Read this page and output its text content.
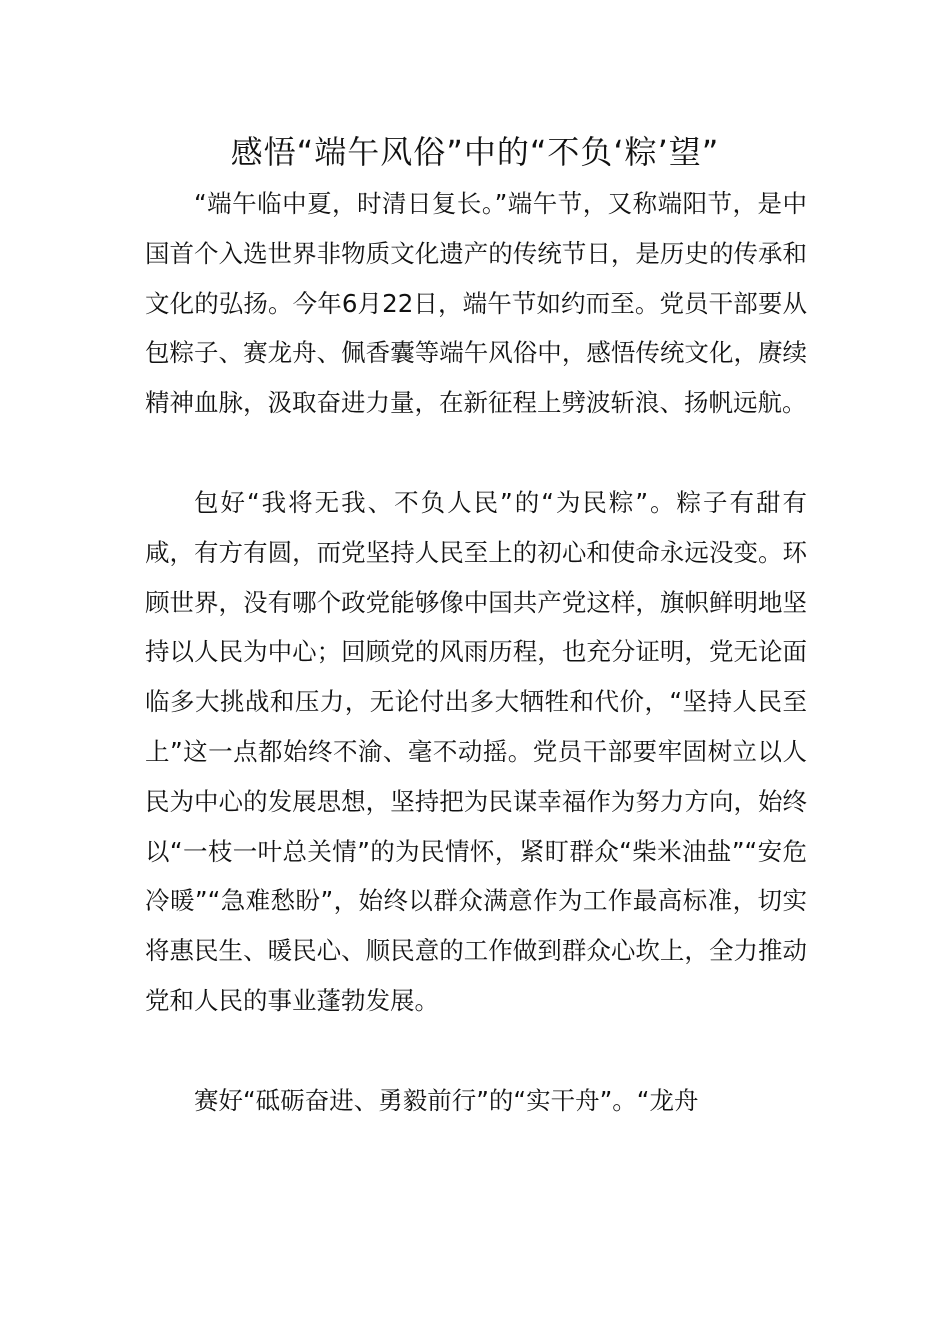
感悟“端午风俗”中的“不负‘粽’望”

“端午临中夏，时清日复长。”端午节，又称端阳节，是中国首个入选世界非物质文化遗产的传统节日，是历史的传承和文化的弘扬。今年6月22日，端午节如约而至。党员干部要从包粽子、赛龙舟、佩香囊等端午风俗中，感悟传统文化，赓续精神血脉，汲取奋进力量，在新征程上劈波斩浪、扬帆远航。

包好“我将无我、不负人民”的“为民粽”。粽子有甜有咸，有方有圆，而党坚持人民至上的初心和使命永远没变。环顾世界，没有哪个政党能够像中国共产党这样，旗帜鲜明地坚持以人民为中心；回顾党的风雨历程，也充分证明，党无论面临多大挑战和压力，无论付出多大牺牲和代价，“坚持人民至上”这一点都始终不渝、毫不动摇。党员干部要牢固树立以人民为中心的发展思想，坚持把为民谋幸福作为努力方向，始终以“一枝一叶总关情”的为民情怀，紧盯群众“柴米油盐”“安危冷暖”“急难愁盼”，始终以群众满意作为工作最高标准，切实将惠民生、暖民心、顺民意的工作做到群众心坎上，全力推动党和人民的事业蓬勃发展。

赛好“砥砺奋进、勇毅前行”的“实干舟”。“龙舟
